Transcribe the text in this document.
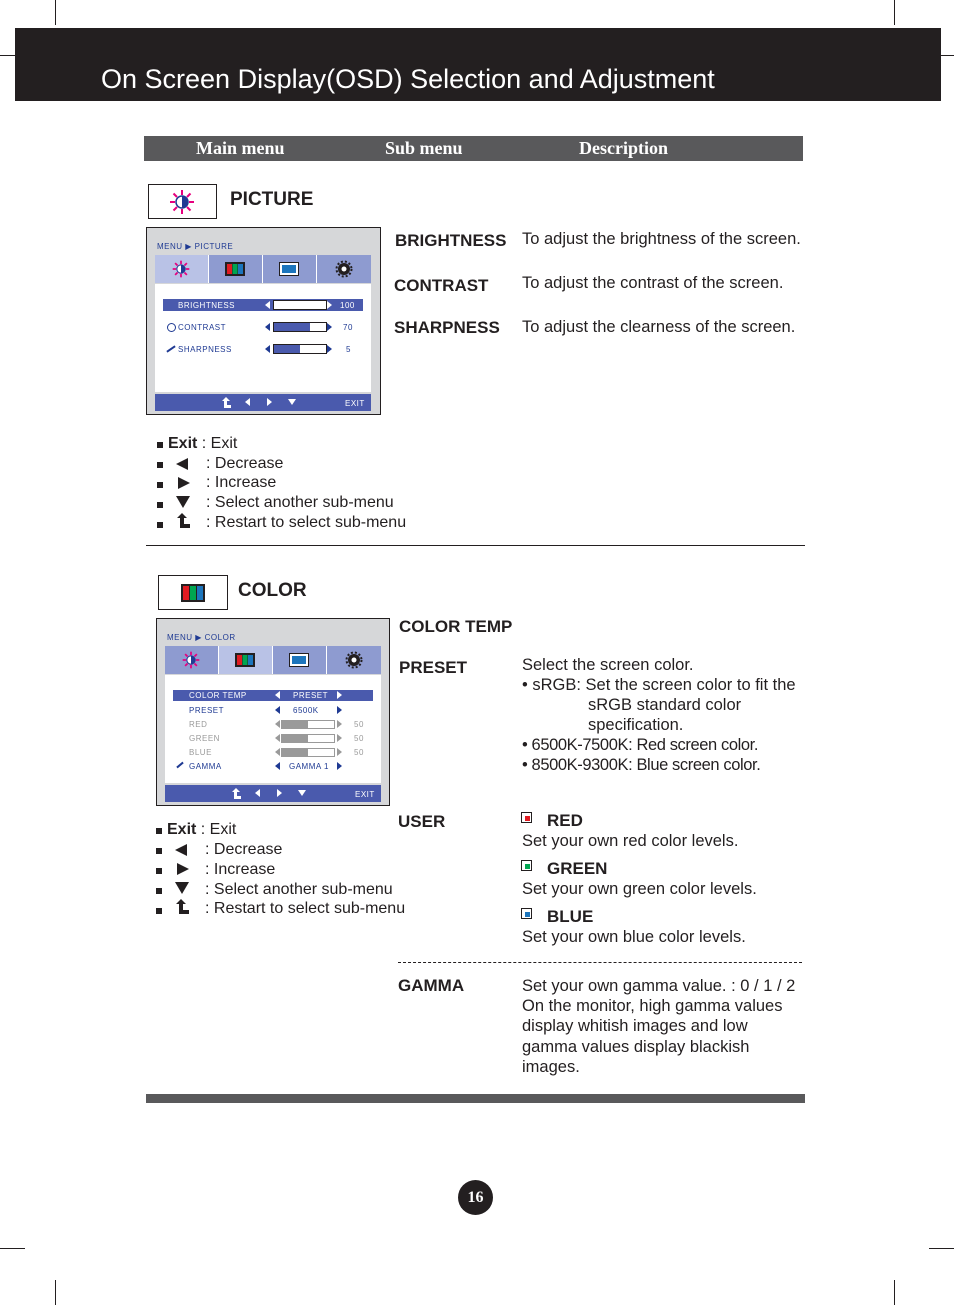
On Screen Display(OSD) Selection and Adjustment
Main menu	Sub menu	Description
PICTURE
MENU ▶ PICTURE
BRIGHTNESS	100
CONTRAST	70
SHARPNESS	5
EXIT
BRIGHTNESS To adjust the brightness of the screen.
CONTRAST To adjust the contrast of the screen.
SHARPNESS To adjust the clearness of the screen.
Exit : Exit
: Decrease
: Increase
: Select another sub-menu
: Restart to select sub-menu
COLOR
MENU ▶ COLOR
COLOR TEMP	PRESET
PRESET	6500K
RED	50
GREEN	50
BLUE	50
GAMMA	GAMMA 1
EXIT
COLOR TEMP
PRESET	Select the screen color.
• sRGB: Set the screen color to fit the
sRGB standard color
specification.
• 6500K-7500K: Red screen color.
• 8500K-9300K: Blue screen color.
USER	RED
Set your own red color levels.
GREEN
Set your own green color levels.
BLUE
Set your own blue color levels.
GAMMA	Set your own gamma value. : 0 / 1 / 2
On the monitor, high gamma values
display whitish images and low
gamma values display blackish
images.
Exit : Exit
: Decrease
: Increase
: Select another sub-menu
: Restart to select sub-menu
16
